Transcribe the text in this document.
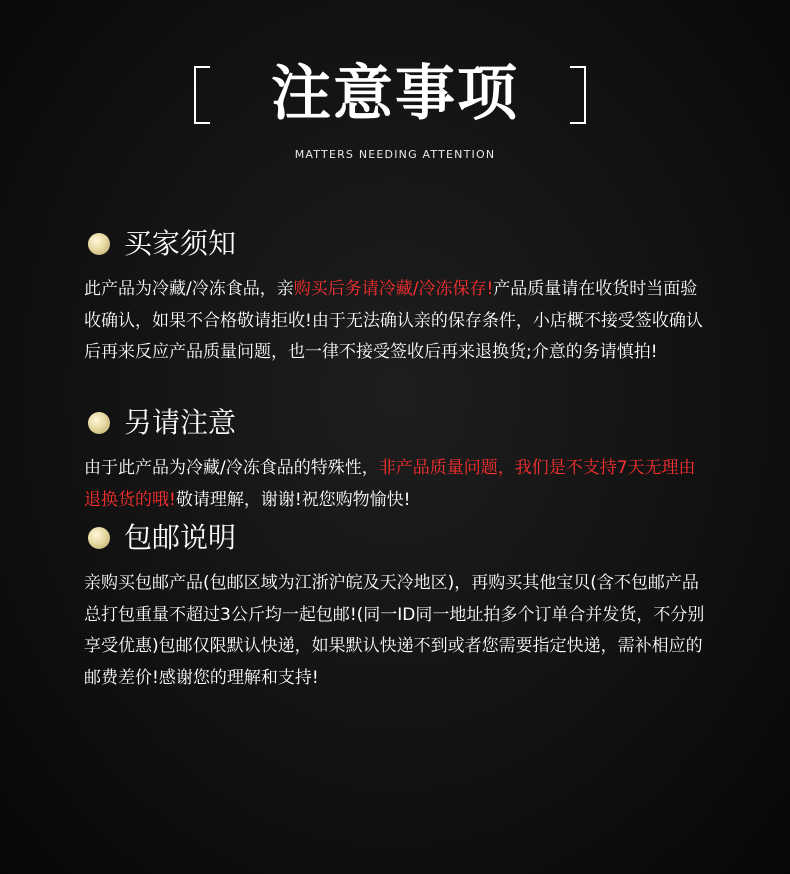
注意事项
MATTERS NEEDING ATTENTION
买家须知
此产品为冷藏/冷冻食品，亲购买后务请冷藏/冷冻保存!产品质量请在收货时当面验收确认，如果不合格敬请拒收!由于无法确认亲的保存条件，小店概不接受签收确认后再来反应产品质量问题，也一律不接受签收后再来退换货;介意的务请慎拍!
另请注意
由于此产品为冷藏/冷冻食品的特殊性，非产品质量问题，我们是不支持7天无理由退换货的哦!敬请理解，谢谢!祝您购物愉快!
包邮说明
亲购买包邮产品(包邮区域为江浙沪皖及天冷地区)，再购买其他宝贝(含不包邮产品总打包重量不超过3公斤均一起包邮!(同一ID同一地址拍多个订单合并发货，不分别享受优惠)包邮仅限默认快递，如果默认快递不到或者您需要指定快递，需补相应的邮费差价!感谢您的理解和支持!
